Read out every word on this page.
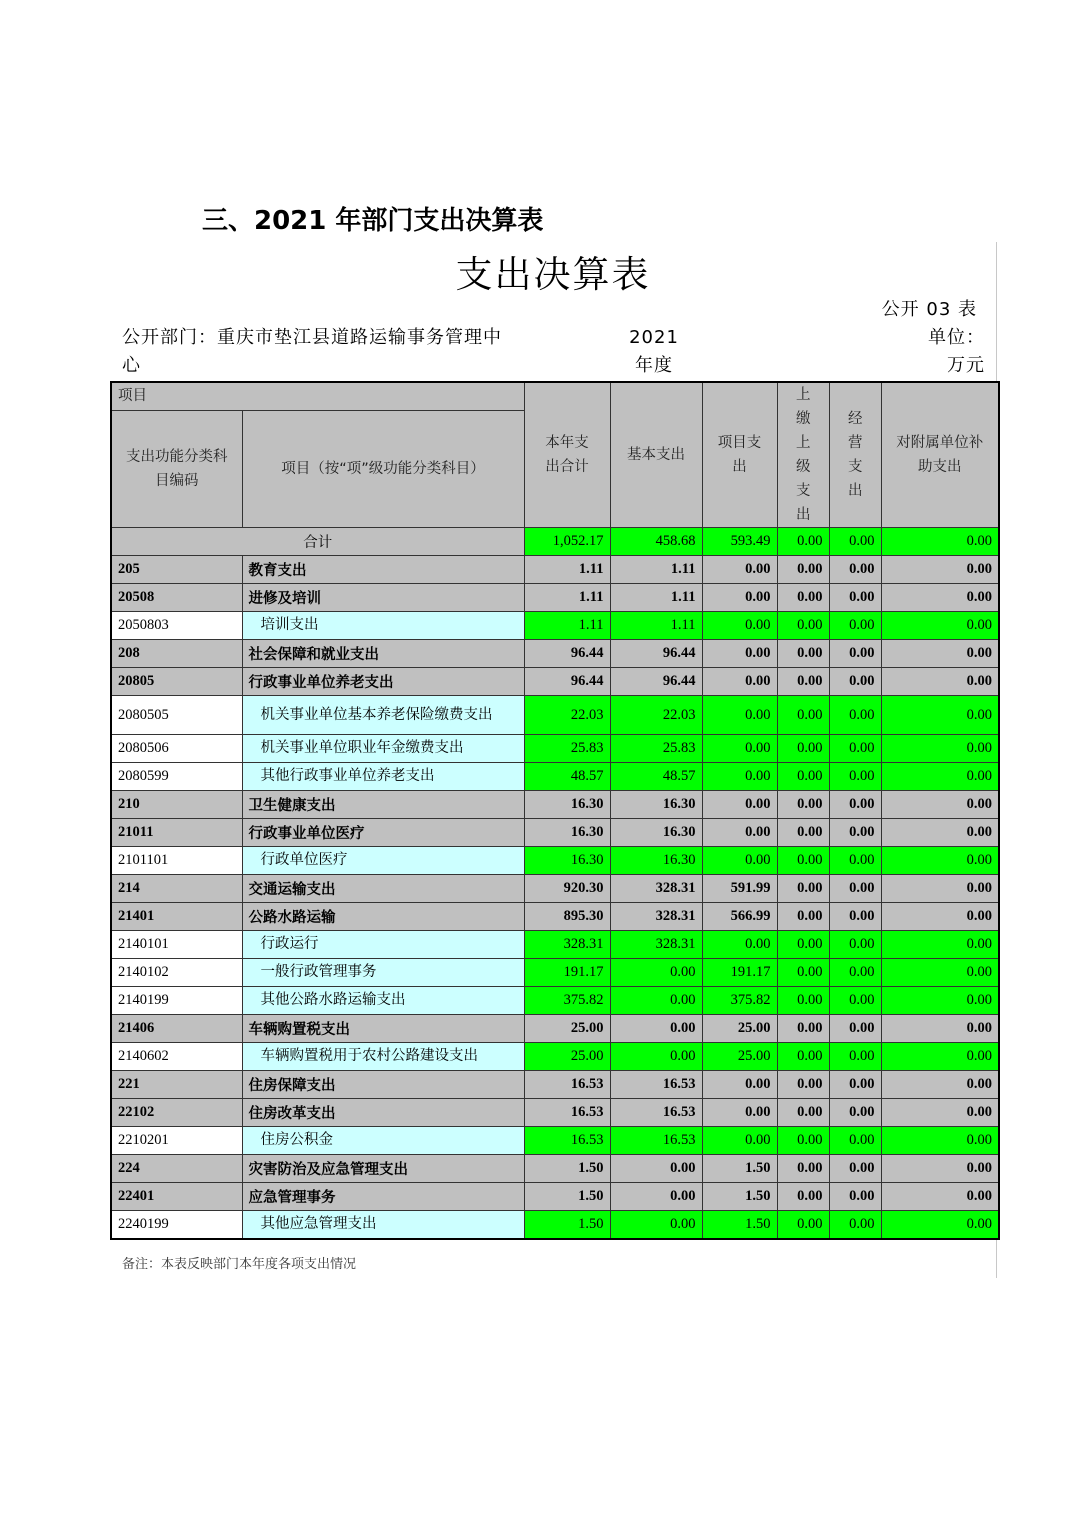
三、2021 年部门支出决算表
支出决算表
公开 03 表
公开部门：重庆市垫江县道路运输事务管理中心
2021 年度
单位：万元
项目		本年支出合计	基本支出	项目支出	上缴上级支出	经营支出	对附属单位补助支出

支出功能分类科目编码	项目（按“项”级功能分类科目）						
合计		1,052.17	458.68	593.49	0.00	0.00	0.00
205	教育支出	1.11	1.11	0.00	0.00	0.00	0.00
20508	进修及培训	1.11	1.11	0.00	0.00	0.00	0.00
2050803	培训支出	1.11	1.11	0.00	0.00	0.00	0.00
208	社会保障和就业支出	96.44	96.44	0.00	0.00	0.00	0.00
20805	行政事业单位养老支出	96.44	96.44	0.00	0.00	0.00	0.00
2080505	机关事业单位基本养老保险缴费支出	22.03	22.03	0.00	0.00	0.00	0.00
2080506	机关事业单位职业年金缴费支出	25.83	25.83	0.00	0.00	0.00	0.00
2080599	其他行政事业单位养老支出	48.57	48.57	0.00	0.00	0.00	0.00
210	卫生健康支出	16.30	16.30	0.00	0.00	0.00	0.00
21011	行政事业单位医疗	16.30	16.30	0.00	0.00	0.00	0.00
2101101	行政单位医疗	16.30	16.30	0.00	0.00	0.00	0.00
214	交通运输支出	920.30	328.31	591.99	0.00	0.00	0.00
21401	公路水路运输	895.30	328.31	566.99	0.00	0.00	0.00
2140101	行政运行	328.31	328.31	0.00	0.00	0.00	0.00
2140102	一般行政管理事务	191.17	0.00	191.17	0.00	0.00	0.00
2140199	其他公路水路运输支出	375.82	0.00	375.82	0.00	0.00	0.00
21406	车辆购置税支出	25.00	0.00	25.00	0.00	0.00	0.00
2140602	车辆购置税用于农村公路建设支出	25.00	0.00	25.00	0.00	0.00	0.00
221	住房保障支出	16.53	16.53	0.00	0.00	0.00	0.00
22102	住房改革支出	16.53	16.53	0.00	0.00	0.00	0.00
2210201	住房公积金	16.53	16.53	0.00	0.00	0.00	0.00
224	灾害防治及应急管理支出	1.50	0.00	1.50	0.00	0.00	0.00
22401	应急管理事务	1.50	0.00	1.50	0.00	0.00	0.00
2240199	其他应急管理支出	1.50	0.00	1.50	0.00	0.00	0.00
备注：本表反映部门本年度各项支出情况
